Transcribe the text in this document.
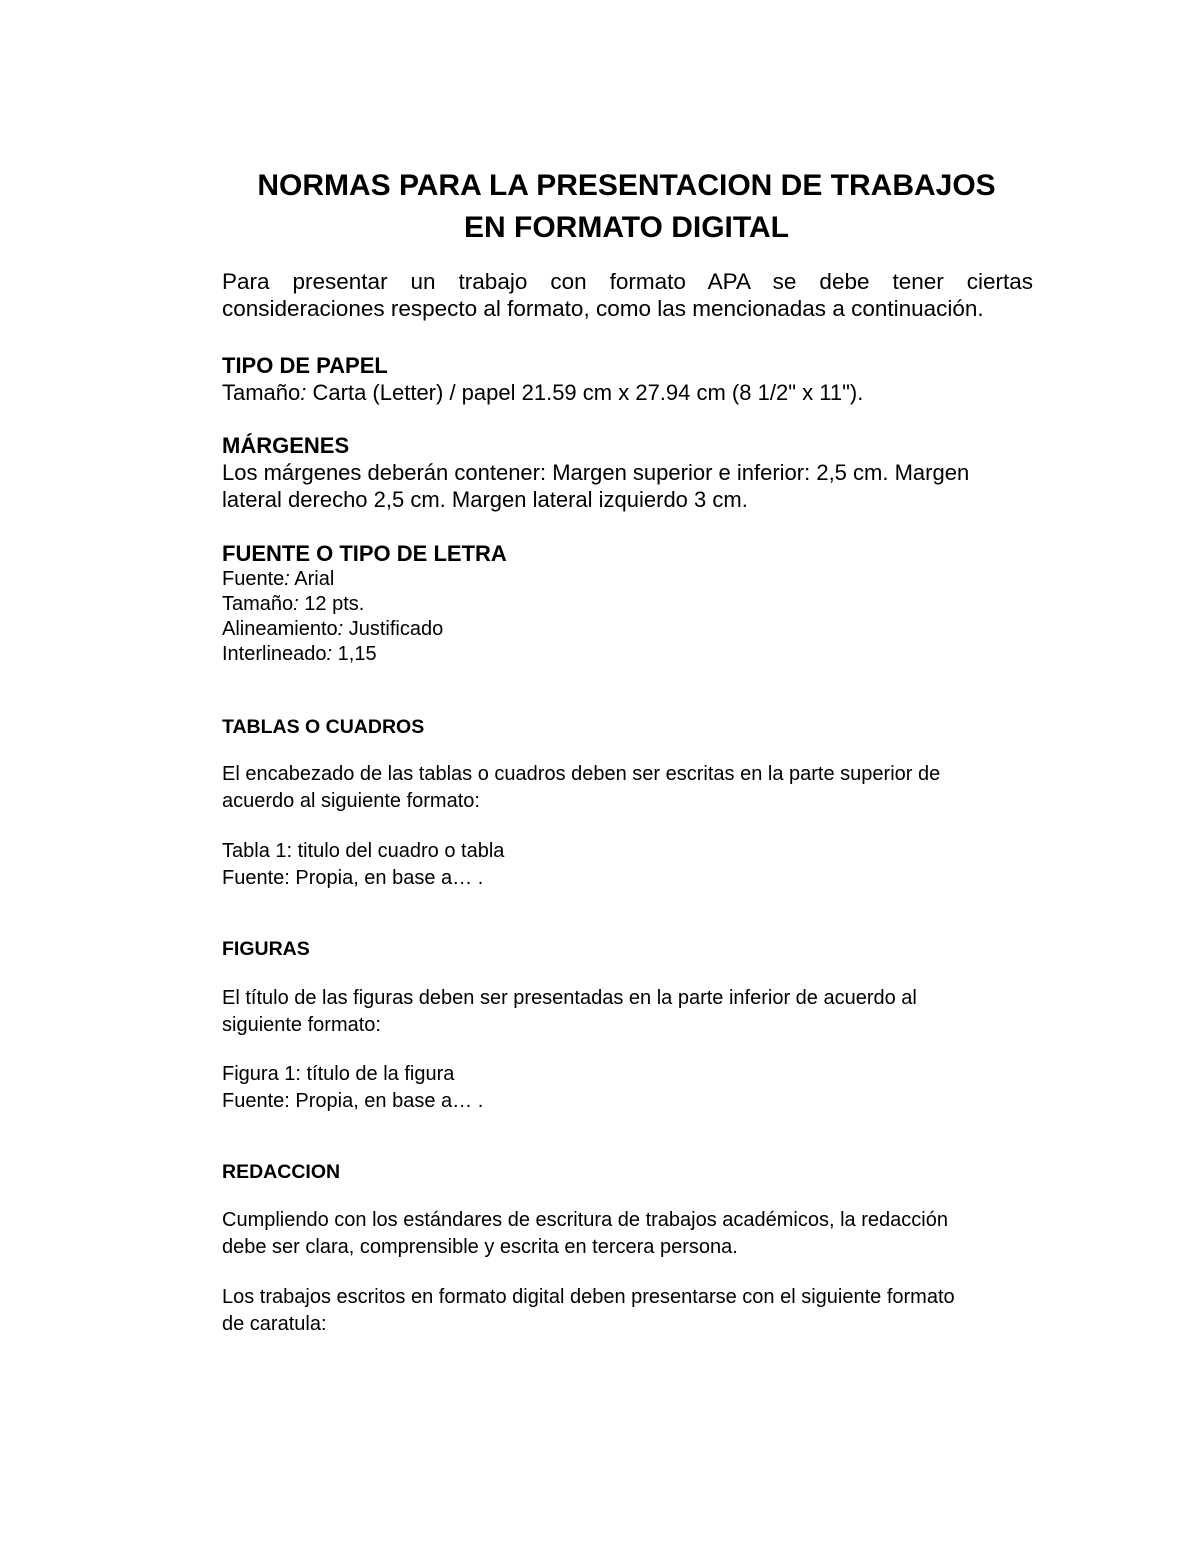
NORMAS PARA LA PRESENTACION DE TRABAJOS
EN FORMATO DIGITAL
Para presentar un trabajo con formato APA se debe tener ciertas
consideraciones respecto al formato, como las mencionadas a continuación.
TIPO DE PAPEL
Tamaño: Carta (Letter) / papel 21.59 cm x 27.94 cm (8 1/2" x 11").
MÁRGENES
Los márgenes deberán contener: Margen superior e inferior: 2,5 cm. Margen
lateral derecho 2,5 cm. Margen lateral izquierdo 3 cm.
FUENTE O TIPO DE LETRA
Fuente: Arial
Tamaño: 12 pts.
Alineamiento: Justificado
Interlineado: 1,15
TABLAS O CUADROS
El encabezado de las tablas o cuadros deben ser escritas en la parte superior de
acuerdo al siguiente formato:
Tabla 1: titulo del cuadro o tabla
Fuente: Propia, en base a… .
FIGURAS
El título de las figuras deben ser presentadas en la parte inferior de acuerdo al
siguiente formato:
Figura 1: título de la figura
Fuente: Propia, en base a… .
REDACCION
Cumpliendo con los estándares de escritura de trabajos académicos, la redacción
debe ser clara, comprensible y escrita en tercera persona.
Los trabajos escritos en formato digital deben presentarse con el siguiente formato
de caratula:
